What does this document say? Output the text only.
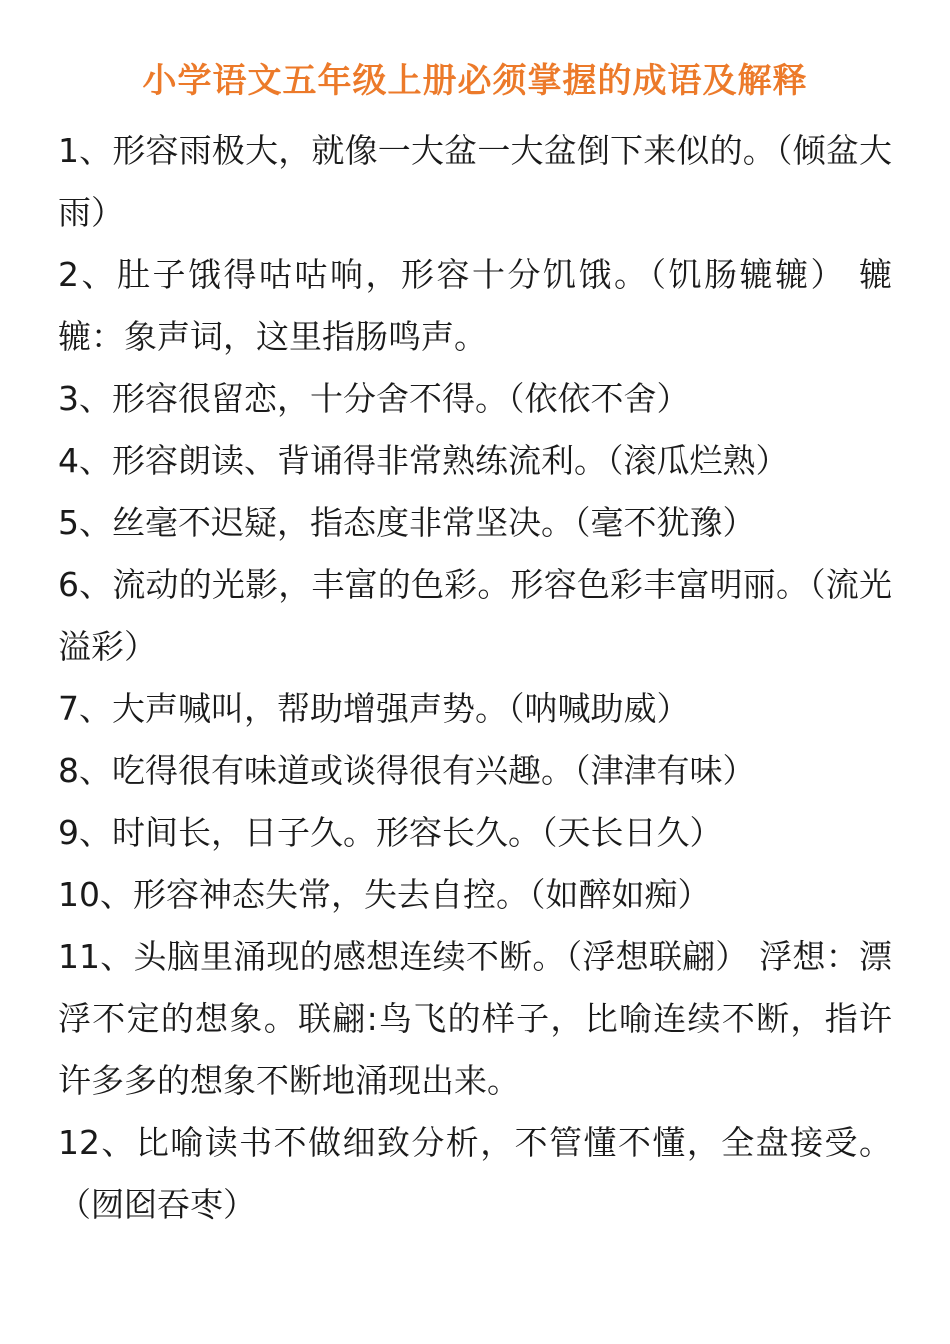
小学语文五年级上册必须掌握的成语及解释

1、形容雨极大，就像一大盆一大盆倒下来似的。（倾盆大雨）

2、肚子饿得咕咕响，形容十分饥饿。（饥肠辘辘） 辘辘：象声词，这里指肠鸣声。

3、形容很留恋，十分舍不得。（依依不舍）

4、形容朗读、背诵得非常熟练流利。（滚瓜烂熟）

5、丝毫不迟疑，指态度非常坚决。（毫不犹豫）

6、流动的光影，丰富的色彩。形容色彩丰富明丽。（流光溢彩）

7、大声喊叫，帮助增强声势。（呐喊助威）

8、吃得很有味道或谈得很有兴趣。（津津有味）

9、时间长，日子久。形容长久。（天长日久）

10、形容神态失常，失去自控。（如醉如痴）

11、头脑里涌现的感想连续不断。（浮想联翩） 浮想：漂浮不定的想象。联翩:鸟飞的样子，比喻连续不断，指许许多多的想象不断地涌现出来。

12、比喻读书不做细致分析，不管懂不懂，全盘接受。（囫囵吞枣）
